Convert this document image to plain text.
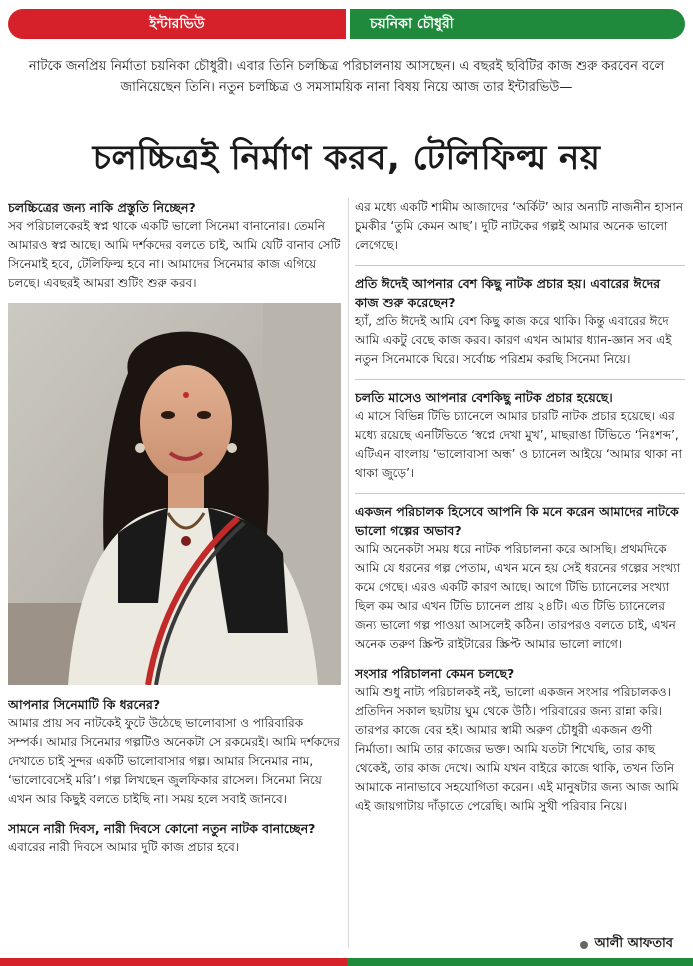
ইন্টারভিউ	চয়নিকা চৌধুরী

নাটকে জনপ্রিয় নির্মাতা চয়নিকা চৌধুরী। এবার তিনি চলচ্চিত্র পরিচালনায় আসছেন। এ বছরই ছবিটির কাজ শুরু করবেন বলে জানিয়েছেন তিনি। নতুন চলচ্চিত্র ও সমসাময়িক নানা বিষয় নিয়ে আজ তার ইন্টারভিউ—

চলচ্চিত্রই নির্মাণ করব, টেলিফিল্ম নয়

চলচ্চিত্রের জন্য নাকি প্রস্তুতি নিচ্ছেন?

সব পরিচালকেরই স্বপ্ন থাকে একটি ভালো সিনেমা বানানোর। তেমনি আমারও স্বপ্ন আছে। আমি দর্শকদের বলতে চাই, আমি যেটি বানাব সেটি সিনেমাই হবে, টেলিফিল্ম হবে না। আমাদের সিনেমার কাজ এগিয়ে চলছে। এবছরই আমরা শুটিং শুরু করব।

আপনার সিনেমাটি কি ধরনের?

আমার প্রায় সব নাটকেই ফুটে উঠেছে ভালোবাসা ও পারিবারিক সম্পর্ক। আমার সিনেমার গল্পটিও অনেকটা সে রকমেরই। আমি দর্শকদের দেখাতে চাই সুন্দর একটি ভালোবাসার গল্প। আমার সিনেমার নাম, ‘ভালোবেসেই মরি’। গল্প লিখছেন জুলফিকার রাসেল। সিনেমা নিয়ে এখন আর কিছুই বলতে চাইছি না। সময় হলে সবাই জানবে।

সামনে নারী দিবস, নারী দিবসে কোনো নতুন নাটক বানাচ্ছেন?

এবারের নারী দিবসে আমার দুটি কাজ প্রচার হবে।

এর মধ্যে একটি শামীম আজাদের ‘অর্কিট’ আর অন্যটি নাজনীন হাসান চুমকীর ‘তুমি কেমন আছ’। দুটি নাটকের গল্পই আমার অনেক ভালো লেগেছে।

প্রতি ঈদেই আপনার বেশ কিছু নাটক প্রচার হয়। এবারের ঈদের কাজ শুরু করেছেন?

হ্যাঁ, প্রতি ঈদেই আমি বেশ কিছু কাজ করে থাকি। কিন্তু এবারের ঈদে আমি একটু বেছে কাজ করব। কারণ এখন আমার ধ্যান-জ্ঞান সব এই নতুন সিনেমাকে ঘিরে। সর্বোচ্চ পরিশ্রম করছি সিনেমা নিয়ে।

চলতি মাসেও আপনার বেশকিছু নাটক প্রচার হয়েছে।

এ মাসে বিভিন্ন টিভি চ্যানেলে আমার চারটি নাটক প্রচার হয়েছে। এর মধ্যে রয়েছে এনটিভিতে ‘স্বপ্নে দেখা মুখ’, মাছরাঙা টিভিতে ‘নিঃশব্দ’, এটিএন বাংলায় ‘ভালোবাসা অন্ধ’ ও চ্যানেল আইয়ে ‘আমার থাকা না থাকা জুড়ে’।

একজন পরিচালক হিসেবে আপনি কি মনে করেন আমাদের নাটকে ভালো গল্পের অভাব?

আমি অনেকটা সময় ধরে নাটক পরিচালনা করে আসছি। প্রথমদিকে আমি যে ধরনের গল্প পেতাম, এখন মনে হয় সেই ধরনের গল্পের সংখ্যা কমে গেছে। এরও একটি কারণ আছে। আগে টিভি চ্যানেলের সংখ্যা ছিল কম আর এখন টিভি চ্যানেল প্রায় ২৪টি। এত টিভি চ্যানেলের জন্য ভালো গল্প পাওয়া আসলেই কঠিন। তারপরও বলতে চাই, এখন অনেক তরুণ স্ক্রিপ্ট রাইটারের স্ক্রিপ্ট আমার ভালো লাগে।

সংসার পরিচালনা কেমন চলছে?

আমি শুধু নাট্য পরিচালকই নই, ভালো একজন সংসার পরিচালকও। প্রতিদিন সকাল ছয়টায় ঘুম থেকে উঠি। পরিবারের জন্য রান্না করি। তারপর কাজে বের হই। আমার স্বামী অরুণ চৌধুরী একজন গুণী নির্মাতা। আমি তার কাজের ভক্ত। আমি যতটা শিখেছি, তার কাছ থেকেই, তার কাজ দেখে। আমি যখন বাইরে কাজে থাকি, তখন তিনি আমাকে নানাভাবে সহযোগিতা করেন। এই মানুষটার জন্য আজ আমি এই জায়গাটায় দাঁড়াতে পেরেছি। আমি সুখী পরিবার নিয়ে।

আলী আফতাব
